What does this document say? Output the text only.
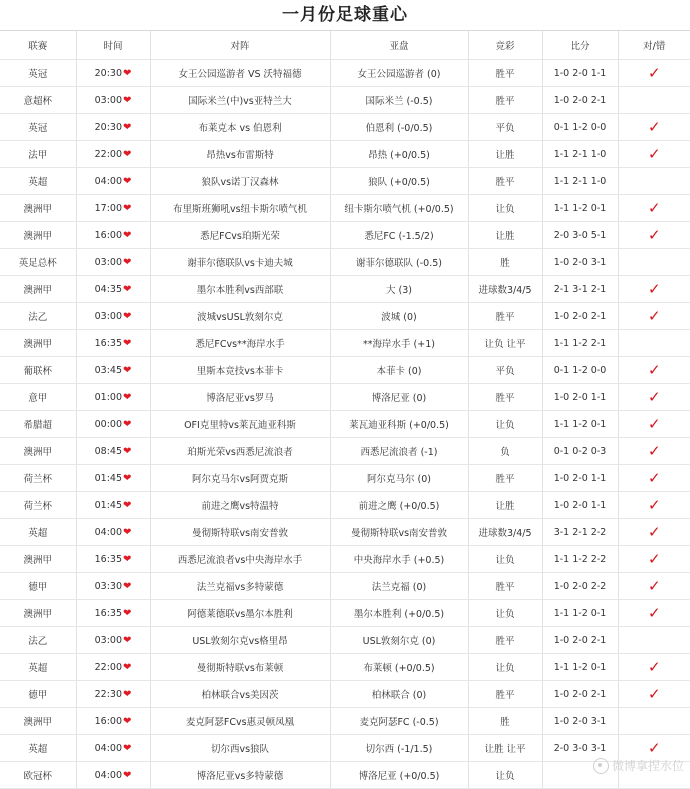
一月份足球重心
联赛	时间	对阵	亚盘	竞彩	比分	对/错
英冠	20:30❤	女王公园巡游者 VS 沃特福德	女王公园巡游者 (0)	胜平	1-0 2-0 1-1	✓
意超杯	03:00❤	国际米兰(中)vs亚特兰大	国际米兰 (-0.5)	胜平	1-0 2-0 2-1	
英冠	20:30❤	布莱克本 vs 伯恩利	伯恩利 (-0/0.5)	平负	0-1 1-2 0-0	✓
法甲	22:00❤	昂热vs布雷斯特	昂热 (+0/0.5)	让胜	1-1 2-1 1-0	✓
英超	04:00❤	狼队vs诺丁汉森林	狼队 (+0/0.5)	胜平	1-1 2-1 1-0	
澳洲甲	17:00❤	布里斯班狮吼vs纽卡斯尔喷气机	纽卡斯尔喷气机 (+0/0.5)	让负	1-1 1-2 0-1	✓
澳洲甲	16:00❤	悉尼FCvs珀斯光荣	悉尼FC (-1.5/2)	让胜	2-0 3-0 5-1	✓
英足总杯	03:00❤	谢菲尔德联队vs卡迪夫城	谢菲尔德联队 (-0.5)	胜	1-0 2-0 3-1	
澳洲甲	04:35❤	墨尔本胜利vs西部联	大 (3)	进球数3/4/5	2-1 3-1 2-1	✓
法乙	03:00❤	波城vsUSL敦刻尔克	波城 (0)	胜平	1-0 2-0 2-1	✓
澳洲甲	16:35❤	悉尼FCvs**海岸水手	**海岸水手 (+1)	让负 让平	1-1 1-2 2-1	
葡联杯	03:45❤	里斯本竞技vs本菲卡	本菲卡 (0)	平负	0-1 1-2 0-0	✓
意甲	01:00❤	博洛尼亚vs罗马	博洛尼亚 (0)	胜平	1-0 2-0 1-1	✓
希腊超	00:00❤	OFI克里特vs莱瓦迪亚科斯	莱瓦迪亚科斯 (+0/0.5)	让负	1-1 1-2 0-1	✓
澳洲甲	08:45❤	珀斯光荣vs西悉尼流浪者	西悉尼流浪者 (-1)	负	0-1 0-2 0-3	✓
荷兰杯	01:45❤	阿尔克马尔vs阿贾克斯	阿尔克马尔 (0)	胜平	1-0 2-0 1-1	✓
荷兰杯	01:45❤	前进之鹰vs特温特	前进之鹰 (+0/0.5)	让胜	1-0 2-0 1-1	✓
英超	04:00❤	曼彻斯特联vs南安普敦	曼彻斯特联vs南安普敦	进球数3/4/5	3-1 2-1 2-2	✓
澳洲甲	16:35❤	西悉尼流浪者vs中央海岸水手	中央海岸水手 (+0.5)	让负	1-1 1-2 2-2	✓
德甲	03:30❤	法兰克福vs多特蒙德	法兰克福 (0)	胜平	1-0 2-0 2-2	✓
澳洲甲	16:35❤	阿德莱德联vs墨尔本胜利	墨尔本胜利 (+0/0.5)	让负	1-1 1-2 0-1	✓
法乙	03:00❤	USL敦刻尔克vs格里昂	USL敦刻尔克 (0)	胜平	1-0 2-0 2-1	
英超	22:00❤	曼彻斯特联vs布莱顿	布莱顿 (+0/0.5)	让负	1-1 1-2 0-1	✓
德甲	22:30❤	柏林联合vs美因茨	柏林联合 (0)	胜平	1-0 2-0 2-1	✓
澳洲甲	16:00❤	麦克阿瑟FCvs惠灵顿凤凰	麦克阿瑟FC (-0.5)	胜	1-0 2-0 3-1	
英超	04:00❤	切尔西vs狼队	切尔西 (-1/1.5)	让胜 让平	2-0 3-0 3-1	✓
欧冠杯	04:00❤	博洛尼亚vs多特蒙德	博洛尼亚 (+0/0.5)	让负		
微博拿捏水位
